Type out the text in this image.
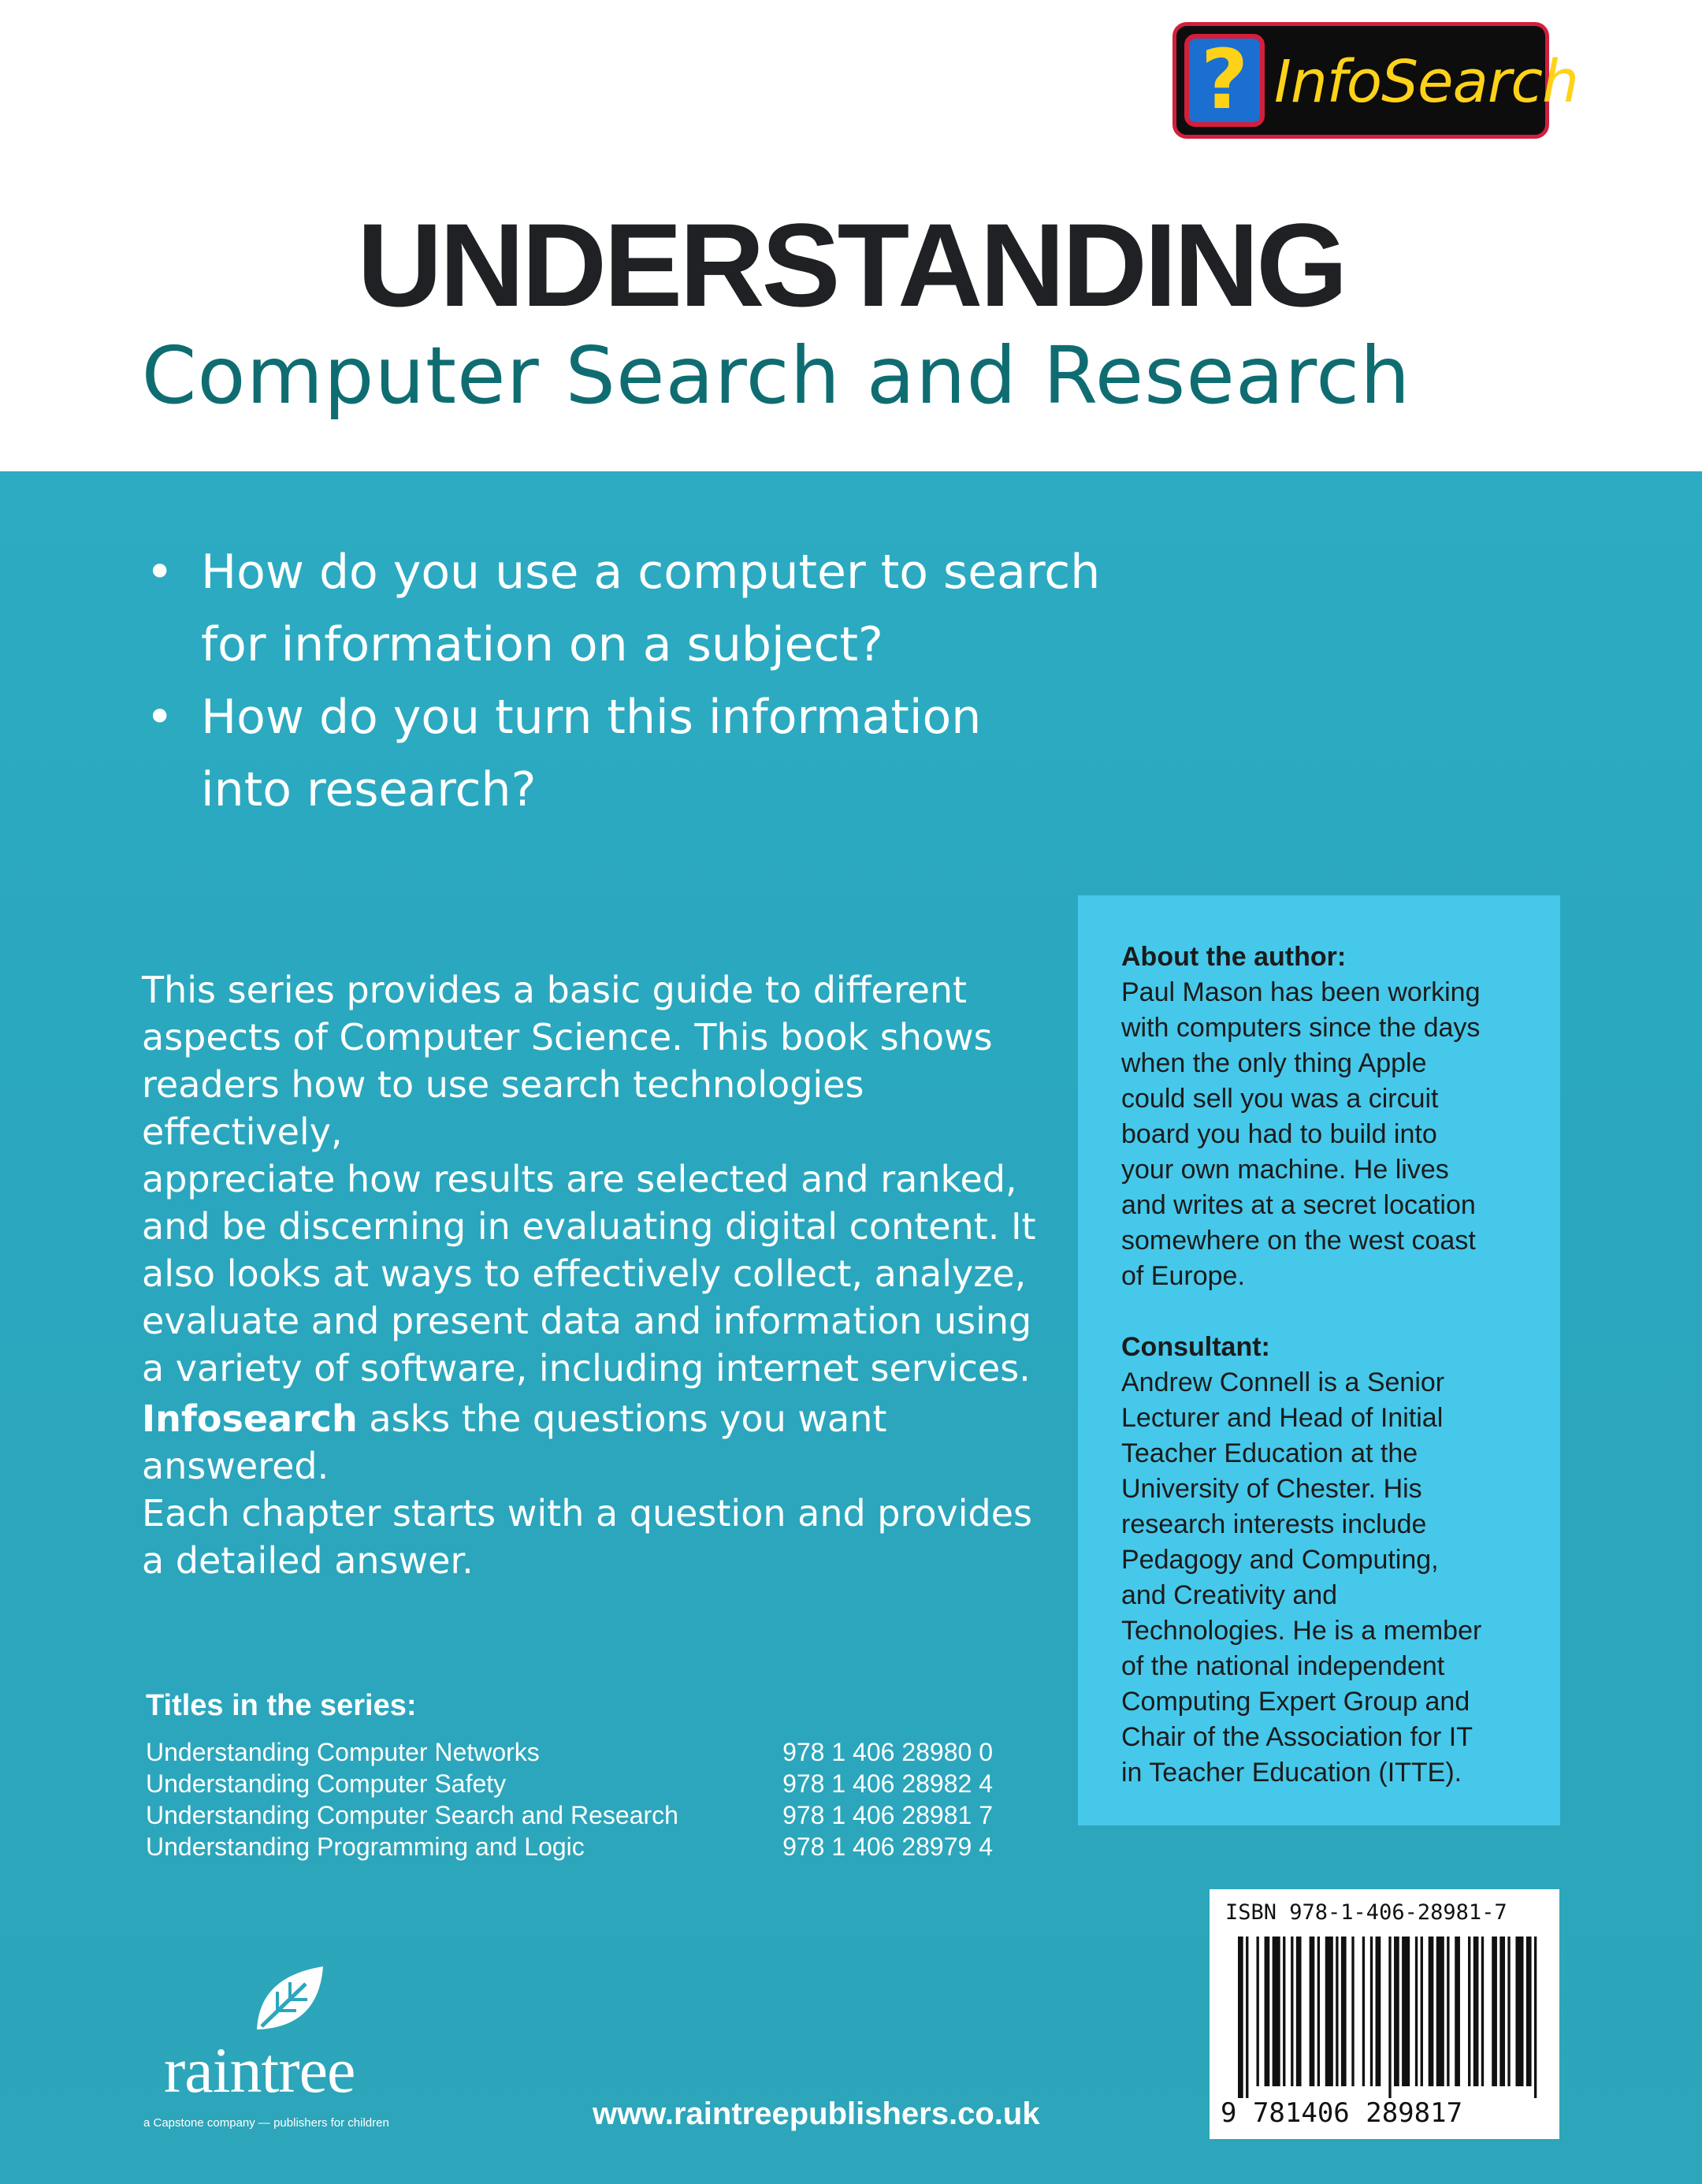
? InfoSearch
UNDERSTANDING
Computer Search and Research
• How do you use a computer to search
for information on a subject?
• How do you turn this information
into research?
This series provides a basic guide to different
aspects of Computer Science. This book shows
readers how to use search technologies effectively,
appreciate how results are selected and ranked,
and be discerning in evaluating digital content. It
also looks at ways to effectively collect, analyze,
evaluate and present data and information using
a variety of software, including internet services.
Infosearch asks the questions you want answered.
Each chapter starts with a question and provides
a detailed answer.
Titles in the series:
Understanding Computer Networks	978 1 406 28980 0
Understanding Computer Safety	978 1 406 28982 4
Understanding Computer Search and Research	978 1 406 28981 7
Understanding Programming and Logic	978 1 406 28979 4
About the author:
Paul Mason has been working
with computers since the days
when the only thing Apple
could sell you was a circuit
board you had to build into
your own machine. He lives
and writes at a secret location
somewhere on the west coast
of Europe.
Consultant:
Andrew Connell is a Senior
Lecturer and Head of Initial
Teacher Education at the
University of Chester. His
research interests include
Pedagogy and Computing,
and Creativity and
Technologies. He is a member
of the national independent
Computing Expert Group and
Chair of the Association for IT
in Teacher Education (ITTE).
ISBN 978-1-406-28981-7
9 781406 289817
raintree
a Capstone company — publishers for children	www.raintreepublishers.co.uk
